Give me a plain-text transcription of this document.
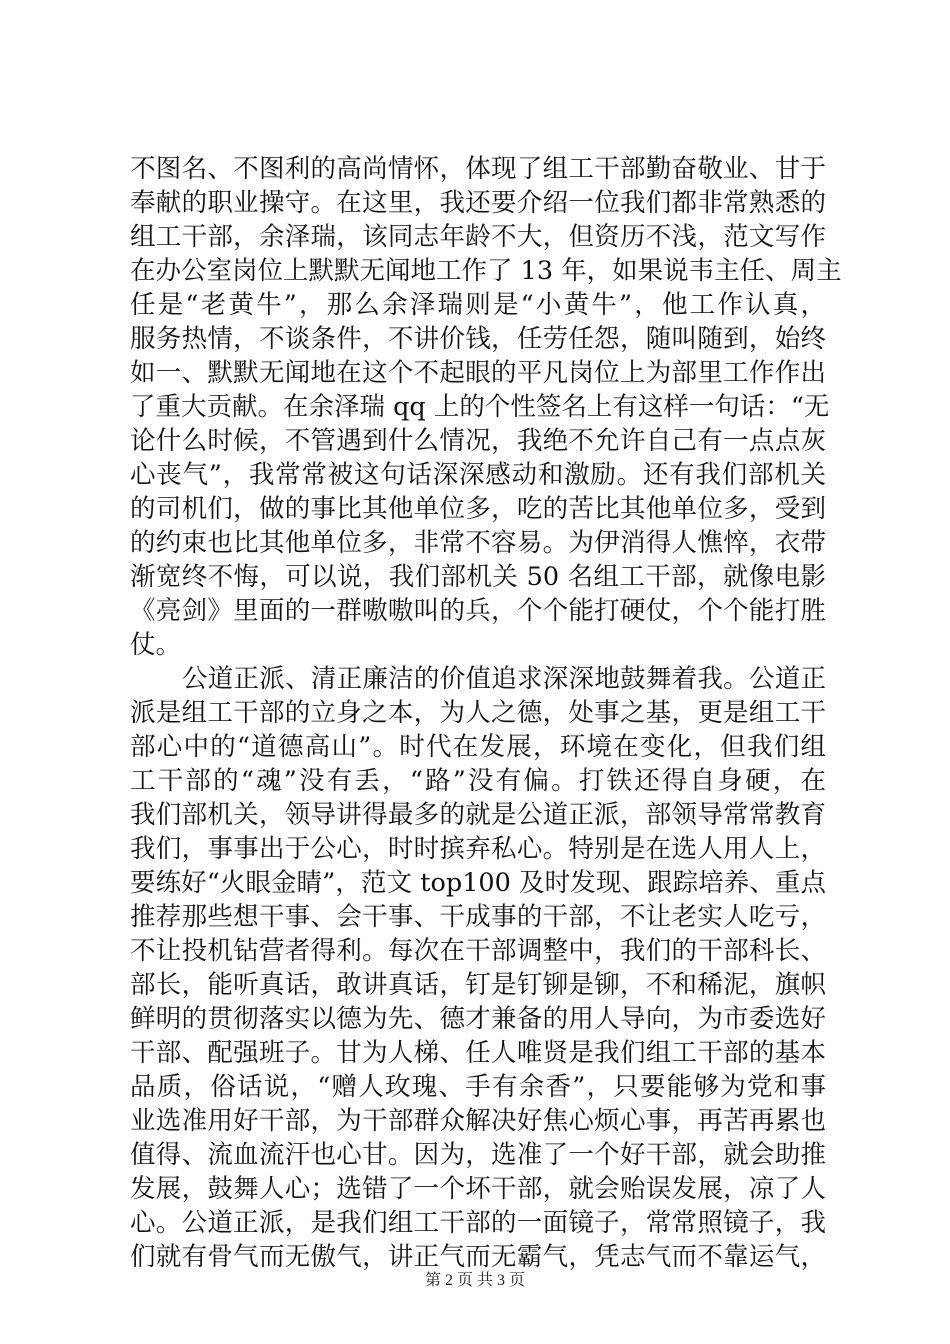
不图名、不图利的高尚情怀，体现了组工干部勤奋敬业、甘于
奉献的职业操守。在这里，我还要介绍一位我们都非常熟悉的
组工干部，余泽瑞，该同志年龄不大，但资历不浅，范文写作
在办公室岗位上默默无闻地工作了 13 年，如果说韦主任、周主
任是“老黄牛”，那么余泽瑞则是“小黄牛”，他工作认真，
服务热情，不谈条件，不讲价钱，任劳任怨，随叫随到，始终
如一、默默无闻地在这个不起眼的平凡岗位上为部里工作作出
了重大贡献。在余泽瑞 qq 上的个性签名上有这样一句话：“无
论什么时候，不管遇到什么情况，我绝不允许自己有一点点灰
心丧气”，我常常被这句话深深感动和激励。还有我们部机关
的司机们，做的事比其他单位多，吃的苦比其他单位多，受到
的约束也比其他单位多，非常不容易。为伊消得人憔悴，衣带
渐宽终不悔，可以说，我们部机关 50 名组工干部，就像电影
《亮剑》里面的一群嗷嗷叫的兵，个个能打硬仗，个个能打胜
仗。
公道正派、清正廉洁的价值追求深深地鼓舞着我。公道正
派是组工干部的立身之本，为人之德，处事之基，更是组工干
部心中的“道德高山”。时代在发展，环境在变化，但我们组
工干部的“魂”没有丢，“路”没有偏。打铁还得自身硬，在
我们部机关，领导讲得最多的就是公道正派，部领导常常教育
我们，事事出于公心，时时摈弃私心。特别是在选人用人上，
要练好“火眼金睛”，范文 top100 及时发现、跟踪培养、重点
推荐那些想干事、会干事、干成事的干部，不让老实人吃亏，
不让投机钻营者得利。每次在干部调整中，我们的干部科长、
部长，能听真话，敢讲真话，钉是钉铆是铆，不和稀泥，旗帜
鲜明的贯彻落实以德为先、德才兼备的用人导向，为市委选好
干部、配强班子。甘为人梯、任人唯贤是我们组工干部的基本
品质，俗话说，“赠人玫瑰、手有余香”，只要能够为党和事
业选准用好干部，为干部群众解决好焦心烦心事，再苦再累也
值得、流血流汗也心甘。因为，选准了一个好干部，就会助推
发展，鼓舞人心；选错了一个坏干部，就会贻误发展，凉了人
心。公道正派，是我们组工干部的一面镜子，常常照镜子，我
们就有骨气而无傲气，讲正气而无霸气，凭志气而不靠运气，
第 2 页 共 3 页
